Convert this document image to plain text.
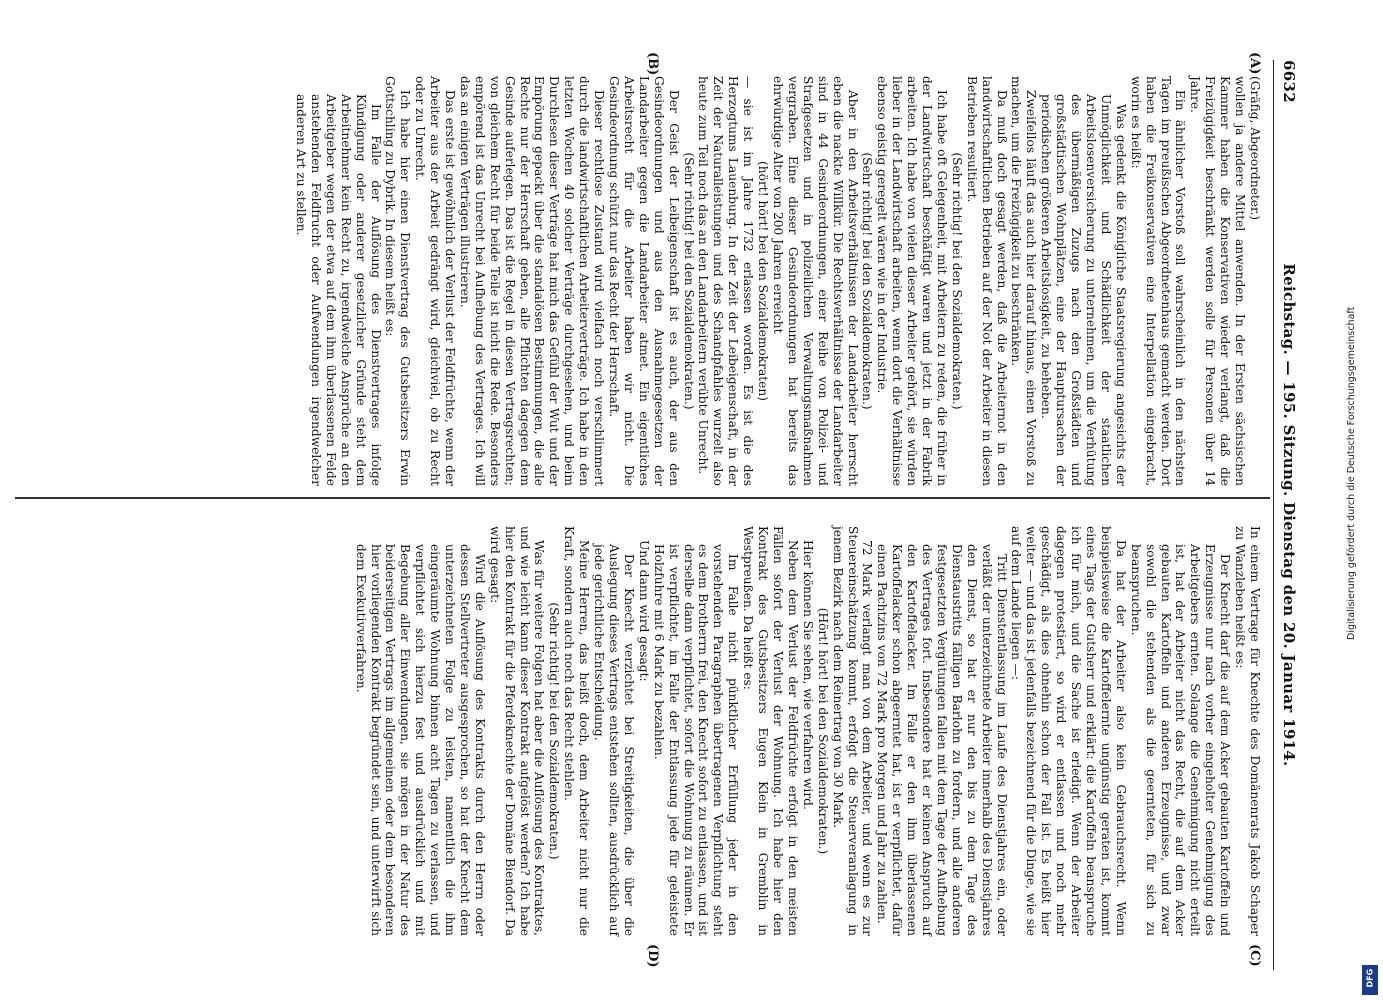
6632
Reichstag. — 195. Sitzung. Dienstag den 20. Januar 1914.
(A)
(B)
(C)
(D)

(Gräfig, Abgeordneter.)

wollen ja andere Mittel anwenden. In der Ersten sächsischen Kammer haben die Konservativen wieder verlangt, daß die Freizügigkeit beschränkt werden solle für Personen über 14 Jahre.

Ein ähnlicher Vorstoß soll wahrscheinlich in den nächsten Tagen im preußischen Abgeordnetenhaus gemacht werden. Dort haben die Freikonservativen eine Interpellation eingebracht, worin es heißt:

Was gedenkt die Königliche Staatsregierung angesichts der Unmöglichkeit und Schädlichkeit der staatlichen Arbeitslosenversicherung zu unternehmen, um die Verhütung des übermäßigen Zuzugs nach den Großstädten und großstädtischen Wohnplätzen, eine der Hauptursachen der periodischen größeren Arbeitslosigkeit, zu beheben.

Zweifellos läuft das auch hier darauf hinaus, einen Vorstoß zu machen, um die Freizügigkeit zu beschränken.

Da muß doch gesagt werden, daß die Arbeiternot in den landwirtschaftlichen Betrieben auf der Not der Arbeiter in diesen Betrieben resultiert.

(Sehr richtig! bei den Sozialdemokraten.)

Ich habe oft Gelegenheit, mit Arbeitern zu reden, die früher in der Landwirtschaft beschäftigt waren und jetzt in der Fabrik arbeiten. Ich habe von vielen dieser Arbeiter gehört, sie würden lieber in der Landwirtschaft arbeiten, wenn dort die Verhältnisse ebenso geistig geregelt wären wie in der Industrie.

(Sehr richtig! bei den Sozialdemokraten.)

Aber in den Arbeitsverhältnissen der Landarbeiter herrscht eben die nackte Willkür. Die Rechtsverhältnisse der Landarbeiter sind in 44 Gesindeordnungen, einer Reihe von Polizei- und Strafgesetzen und in polizeilichen Verwaltungsmaßnahmen vergraben. Eine dieser Gesindeordnungen hat bereits das ehrwürdige Alter von 200 Jahren erreicht

(hört! hört! bei den Sozialdemokraten)

— sie ist im Jahre 1732 erlassen worden. Es ist die des Herzogtums Lauenburg. In der Zeit der Leibeigenschaft, in der Zeit der Naturalleistungen und des Schandpfahles wurzelt also heute zum Teil noch das an den Landarbeitern verübte Unrecht.

(Sehr richtig! bei den Sozialdemokraten.)

Der Geist der Leibeigenschaft ist es auch, der aus den Gesindeordnungen und aus den Ausnahmegesetzen der Landarbeiter gegen die Landarbeiter atmet. Ein eigentliches Arbeitsrecht für die Arbeiter haben wir nicht. Die Gesindeordnung schützt nur das Recht der Herrschaft.

Dieser rechtlose Zustand wird vielfach noch verschlimmert durch die landwirtschaftlichen Arbeiterverträge. Ich habe in den letzten Wochen 40 solcher Verträge durchgesehen, und beim Durchlesen dieser Verträge hat mich das Gefühl der Wut und der Empörung gepackt über die standalösen Bestimmungen, die alle Rechte nur der Herrschaft geben, alle Pflichten dagegen dem Gesinde auferlegen. Das ist die Regel in diesen Vertragsrechten; von gleichem Recht für beide Teile ist nicht die Rede. Besonders empörend ist das Unrecht bei Aufhebung des Vertrages. Ich will das an einigen Verträgen illustrieren.

Das erste ist gewöhnlich der Verlust der Feldfrüchte, wenn der Arbeiter aus der Arbeit gedrängt wird, gleichviel, ob zu Recht oder zu Unrecht.

Ich habe hier einen Dienstvertrag des Gutsbesitzers Erwin Gottschling zu Dybrik. In diesem heißt es:

Im Falle der Auflösung des Dienstvertrages infolge Kündigung oder anderer gesetzlicher Gründe steht dem Arbeitnehmer kein Recht zu, irgendwelche Ansprüche an den Arbeitgeber wegen der etwa auf dem ihm überlassenen Felde anstehenden Feldfrucht oder Aufwendungen irgendwelcher anderen Art zu stellen.

In einem Vertrage für Knechte des Domänenrats Jakob Schaper zu Wanzleben heißt es:

Der Knecht darf die auf dem Acker gebauten Kartoffeln und Erzeugnisse nur nach vorher eingeholter Genehmigung des Arbeitgebers ernten. Solange die Genehmigung nicht erteilt ist, hat der Arbeiter nicht das Recht, die auf dem Acker gebauten Kartoffeln und anderen Erzeugnisse, und zwar sowohl die stehenden als die geernteten, für sich zu beanspruchen.

Da hat der Arbeiter also kein Gebrauchsrecht. Wenn beispielsweise die Kartoffelernte ungünstig geraten ist, kommt eines Tags der Gutsherr und erklärt: die Kartoffeln beanspruche ich für mich, und die Sache ist erledigt. Wenn der Arbeiter dagegen protestiert, so wird er entlassen und noch mehr geschädigt, als dies ohnehin schon der Fall ist. Es heißt hier weiter — und das ist jedenfalls bezeichnend für die Dinge, wie sie auf dem Lande liegen —:

Tritt Dienstentlassung im Laufe des Dienstjahres ein, oder verläßt der unterzeichnete Arbeiter innerhalb des Dienstjahres den Dienst, so hat er nur den bis zu dem Tage des Dienstaustritts fälligen Barlohn zu fordern, und alle anderen festgesetzten Vergütungen fallen mit dem Tage der Aufhebung des Vertrages fort. Insbesondere hat er keinen Anspruch auf den Kartoffelacker. Im Falle er den ihm überlassenen Kartoffelacker schon abgeerntet hat, ist er verpflichtet, dafür einen Pachtzins von 72 Mark pro Morgen und Jahr zu zahlen.

72 Mark verlangt man von dem Arbeiter, und wenn es zur Steuereinschätzung kommt, erfolgt die Steuerveranlagung in jenem Bezirk nach dem Reinertrag von 30 Mark.

(Hört! hört! bei den Sozialdemokraten.)

Hier können Sie sehen, wie verfahren wird.

Neben dem Verlust der Feldfrüchte erfolgt in den meisten Fällen sofort der Verlust der Wohnung. Ich habe hier den Kontrakt des Gutsbesitzers Eugen Klein in Gremblin in Westpreußen. Da heißt es:

Im Falle nicht pünktlicher Erfüllung jeder in den vorstehenden Paragraphen übertragenen Verpflichtung steht es dem Brotherrn frei, den Knecht sofort zu entlassen, und ist derselbe dann verpflichtet, sofort die Wohnung zu räumen. Er ist verpflichtet, im Falle der Entlassung jede für geleistete Holzfuhre mit 6 Mark zu bezahlen.

Und dann wird gesagt:

Der Knecht verzichtet bei Streitigkeiten, die über die Auslegung dieses Vertrags entstehen sollten, ausdrücklich auf jede gerichtliche Entscheidung.

Meine Herren, das heißt doch, dem Arbeiter nicht nur die Kraft, sondern auch noch das Recht stehlen.

(Sehr richtig! bei den Sozialdemokraten.)

Was für weitere Folgen hat aber die Auflösung des Kontraktes, und wie leicht kann dieser Kontrakt aufgelöst werden? Ich habe hier den Kontrakt für die Pferdeknechte der Domäne Biendorf. Da wird gesagt:

Wird die Auflösung des Kontrakts durch den Herrn oder dessen Stellvertreter ausgesprochen, so hat der Knecht dem unterzeichneten Folge zu leisten, namentlich die ihm eingeräumte Wohnung binnen acht Tagen zu verlassen, und verpflichtet sich hierzu fest und ausdrücklich und mit Begebung aller Einwendungen, sie mögen in der Natur des beiderseitigen Vertrags im allgemeinen oder dem besonderen hier vorliegenden Kontrakt begründet sein, und unterwirft sich dem Exekutivverfahren.	Digitalisierung gefördert durch die Deutsche Forschungsgemeinschaft
DFG
